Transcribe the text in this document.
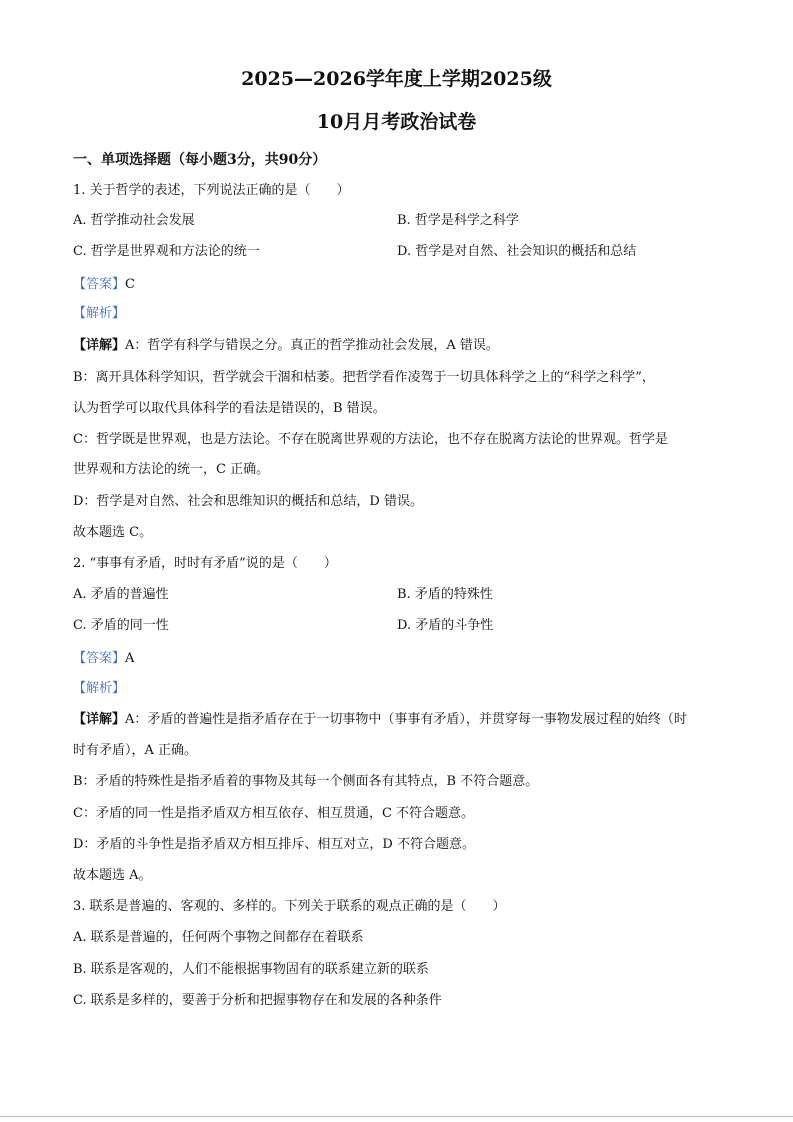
2025—2026学年度上学期2025级
10月月考政治试卷
一、单项选择题（每小题3分，共90分）
1. 关于哲学的表述，下列说法正确的是（　　）
A. 哲学推动社会发展	B. 哲学是科学之科学
C. 哲学是世界观和方法论的统一	D. 哲学是对自然、社会知识的概括和总结
【答案】C
【解析】
【详解】A：哲学有科学与错误之分。真正的哲学推动社会发展，A 错误。
B：离开具体科学知识，哲学就会干涸和枯萎。把哲学看作凌驾于一切具体科学之上的“科学之科学”，
认为哲学可以取代具体科学的看法是错误的，B 错误。
C：哲学既是世界观，也是方法论。不存在脱离世界观的方法论，也不存在脱离方法论的世界观。哲学是
世界观和方法论的统一，C 正确。
D：哲学是对自然、社会和思维知识的概括和总结，D 错误。
故本题选 C。
2. “事事有矛盾，时时有矛盾”说的是（　　）
A. 矛盾的普遍性	B. 矛盾的特殊性
C. 矛盾的同一性	D. 矛盾的斗争性
【答案】A
【解析】
【详解】A：矛盾的普遍性是指矛盾存在于一切事物中（事事有矛盾），并贯穿每一事物发展过程的始终（时
时有矛盾），A 正确。
B：矛盾的特殊性是指矛盾着的事物及其每一个侧面各有其特点，B 不符合题意。
C：矛盾的同一性是指矛盾双方相互依存、相互贯通，C 不符合题意。
D：矛盾的斗争性是指矛盾双方相互排斥、相互对立，D 不符合题意。
故本题选 A。
3. 联系是普遍的、客观的、多样的。下列关于联系的观点正确的是（　　）
A. 联系是普遍的，任何两个事物之间都存在着联系
B. 联系是客观的，人们不能根据事物固有的联系建立新的联系
C. 联系是多样的，要善于分析和把握事物存在和发展的各种条件
